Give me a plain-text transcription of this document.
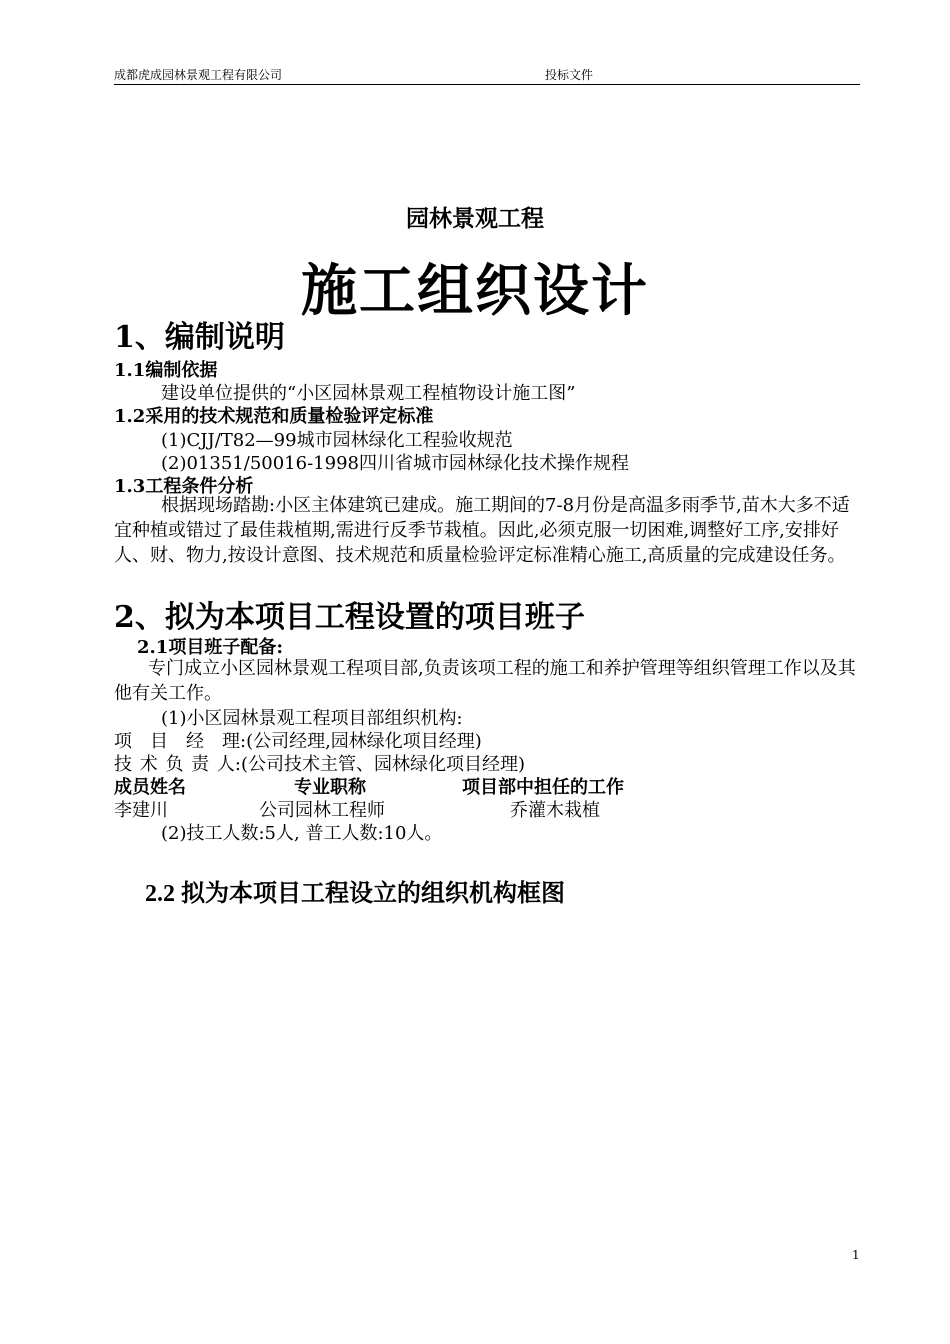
成都虎成园林景观工程有限公司	投标文件
园林景观工程
施工组织设计
1、编制说明
1.1编制依据
建设单位提供的“小区园林景观工程植物设计施工图”
1.2采用的技术规范和质量检验评定标准
(1)CJJ/T82—99城市园林绿化工程验收规范
(2)01351/50016-1998四川省城市园林绿化技术操作规程
1.3工程条件分析
根据现场踏勘:小区主体建筑已建成。施工期间的7-8月份是高温多雨季节,苗木大多不适宜种植或错过了最佳栽植期,需进行反季节栽植。因此,必须克服一切困难,调整好工序,安排好人、财、物力,按设计意图、技术规范和质量检验评定标准精心施工,高质量的完成建设任务。
2、拟为本项目工程设置的项目班子
2.1项目班子配备:
专门成立小区园林景观工程项目部,负责该项工程的施工和养护管理等组织管理工作以及其他有关工作。
(1)小区园林景观工程项目部组织机构:
项　目　经　理:(公司经理,园林绿化项目经理)
技 术 负 责 人:(公司技术主管、园林绿化项目经理)
成员姓名	专业职称	项目部中担任的工作
李建川	公司园林工程师	乔灌木栽植
(2)技工人数:5人, 普工人数:10人。
2.2 拟为本项目工程设立的组织机构框图
1
